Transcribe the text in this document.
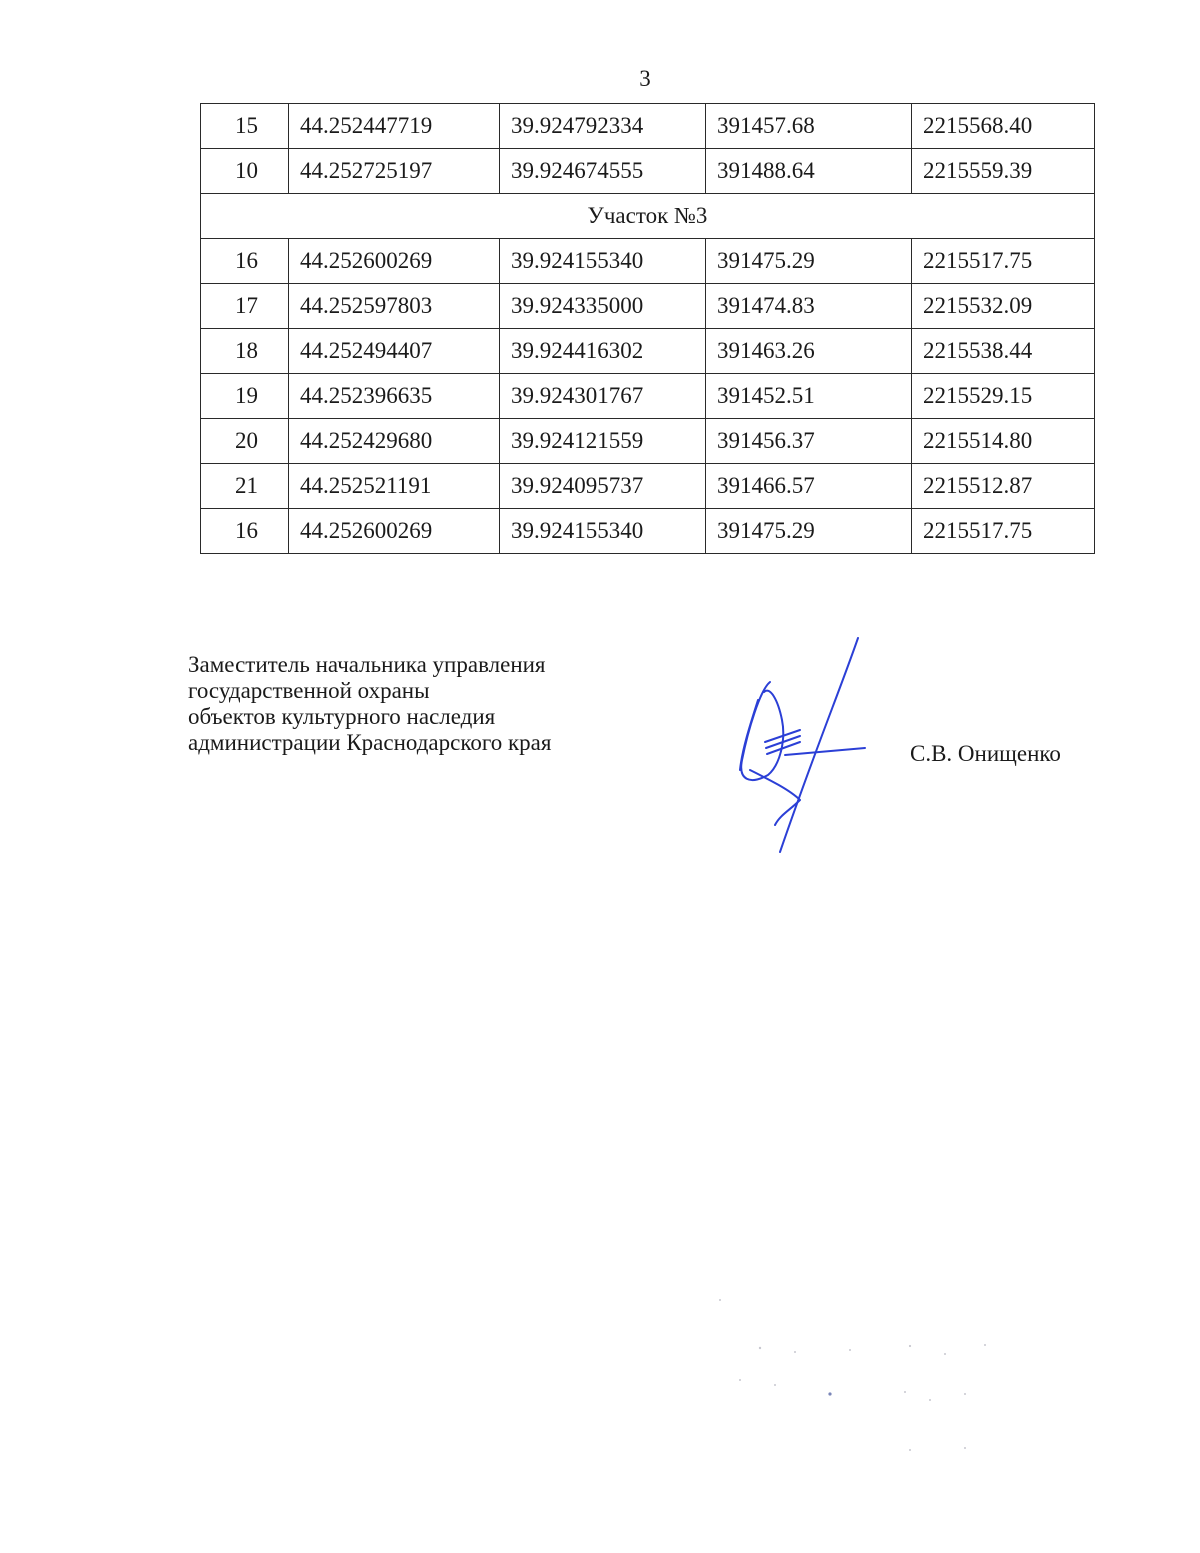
3
15	44.252447719	39.924792334	391457.68	2215568.40
10	44.252725197	39.924674555	391488.64	2215559.39
Участок №3				
16	44.252600269	39.924155340	391475.29	2215517.75
17	44.252597803	39.924335000	391474.83	2215532.09
18	44.252494407	39.924416302	391463.26	2215538.44
19	44.252396635	39.924301767	391452.51	2215529.15
20	44.252429680	39.924121559	391456.37	2215514.80
21	44.252521191	39.924095737	391466.57	2215512.87
16	44.252600269	39.924155340	391475.29	2215517.75
Заместитель начальника управления
государственной охраны
объектов культурного наследия
администрации Краснодарского края	С.В. Онищенко
